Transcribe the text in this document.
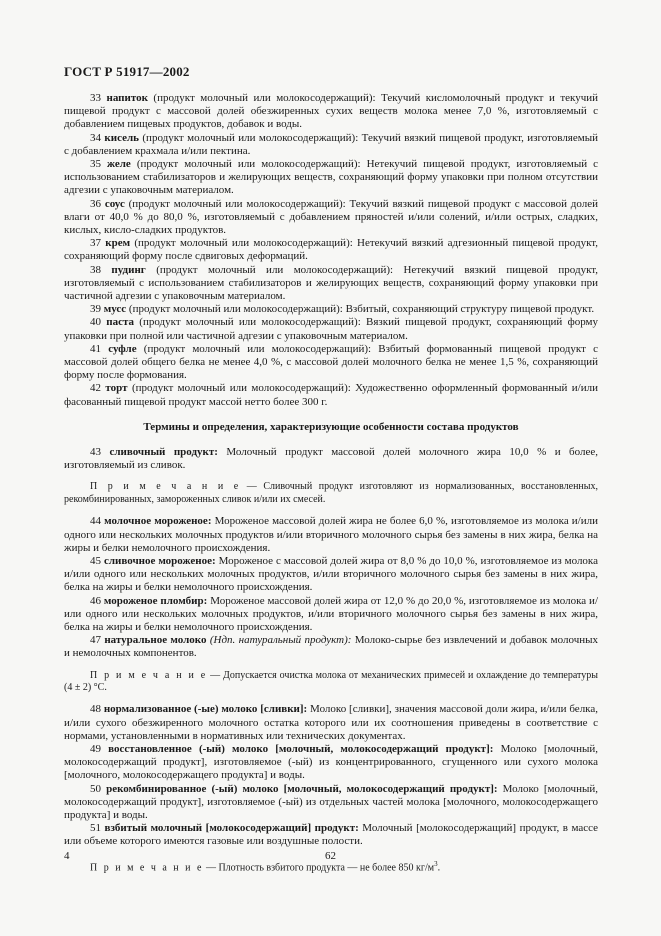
ГОСТ Р 51917—2002

33 напиток (продукт молочный или молокосодержащий): Текучий кисломолочный продукт и текучий пищевой продукт с массовой долей обезжиренных сухих веществ молока менее 7,0 %, изготовляемый с добавлением пищевых продуктов, добавок и воды.

34 кисель (продукт молочный или молокосодержащий): Текучий вязкий пищевой продукт, изготовляемый с добавлением крахмала и/или пектина.

35 желе (продукт молочный или молокосодержащий): Нетекучий пищевой продукт, изготовляемый с использованием стабилизаторов и желирующих веществ, сохраняющий форму упаковки при полном отсутствии адгезии с упаковочным материалом.

36 соус (продукт молочный или молокосодержащий): Текучий вязкий пищевой продукт с массовой долей влаги от 40,0 % до 80,0 %, изготовляемый с добавлением пряностей и/или солений, и/или острых, сладких, кислых, кисло-сладких продуктов.

37 крем (продукт молочный или молокосодержащий): Нетекучий вязкий адгезионный пищевой продукт, сохраняющий форму после сдвиговых деформаций.

38 пудинг (продукт молочный или молокосодержащий): Нетекучий вязкий пищевой продукт, изготовляемый с использованием стабилизаторов и желирующих веществ, сохраняющий форму упаковки при частичной адгезии с упаковочным материалом.

39 мусс (продукт молочный или молокосодержащий): Взбитый, сохраняющий структуру пищевой продукт.

40 паста (продукт молочный или молокосодержащий): Вязкий пищевой продукт, сохраняющий форму упаковки при полной или частичной адгезии с упаковочным материалом.

41 суфле (продукт молочный или молокосодержащий): Взбитый формованный пищевой продукт с массовой долей общего белка не менее 4,0 %, с массовой долей молочного белка не менее 1,5 %, сохраняющий форму после формования.

42 торт (продукт молочный или молокосодержащий): Художественно оформленный формованный и/или фасованный пищевой продукт массой нетто более 300 г.

Термины и определения, характеризующие особенности состава продуктов

43 сливочный продукт: Молочный продукт массовой долей молочного жира 10,0 % и более, изготовляемый из сливок.

П р и м е ч а н и е — Сливочный продукт изготовляют из нормализованных, восстановленных, рекомбинированных, замороженных сливок и/или их смесей.

44 молочное мороженое: Мороженое массовой долей жира не более 6,0 %, изготовляемое из молока и/или одного или нескольких молочных продуктов и/или вторичного молочного сырья без замены в них жира, белка на жиры и белки немолочного происхождения.

45 сливочное мороженое: Мороженое с массовой долей жира от 8,0 % до 10,0 %, изготовляемое из молока и/или одного или нескольких молочных продуктов, и/или вторичного молочного сырья без замены в них жира, белка на жиры и белки немолочного происхождения.

46 мороженое пломбир: Мороженое массовой долей жира от 12,0 % до 20,0 %, изготовляемое из молока и/или одного или нескольких молочных продуктов, и/или вторичного молочного сырья без замены в них жира, белка на жиры и белки немолочного происхождения.

47 натуральное молоко (Ндп. натуральный продукт): Молоко-сырье без извлечений и добавок молочных и немолочных компонентов.

П р и м е ч а н и е — Допускается очистка молока от механических примесей и охлаждение до температуры (4 ± 2) °С.

48 нормализованное (-ые) молоко [сливки]: Молоко [сливки], значения массовой доли жира, и/или белка, и/или сухого обезжиренного молочного остатка которого или их соотношения приведены в соответствие с нормами, установленными в нормативных или технических документах.

49 восстановленное (-ый) молоко [молочный, молокосодержащий продукт]: Молоко [молочный, молокосодержащий продукт], изготовляемое (-ый) из концентрированного, сгущенного или сухого молока [молочного, молокосодержащего продукта] и воды.

50 рекомбинированное (-ый) молоко [молочный, молокосодержащий продукт]: Молоко [молочный, молокосодержащий продукт], изготовляемое (-ый) из отдельных частей молока [молочного, молокосодержащего продукта] и воды.

51 взбитый молочный [молокосодержащий] продукт: Молочный [молокосодержащий] продукт, в массе или объеме которого имеются газовые или воздушные полости.

П р и м е ч а н и е — Плотность взбитого продукта — не более 850 $кг/м^3$.

4	62
